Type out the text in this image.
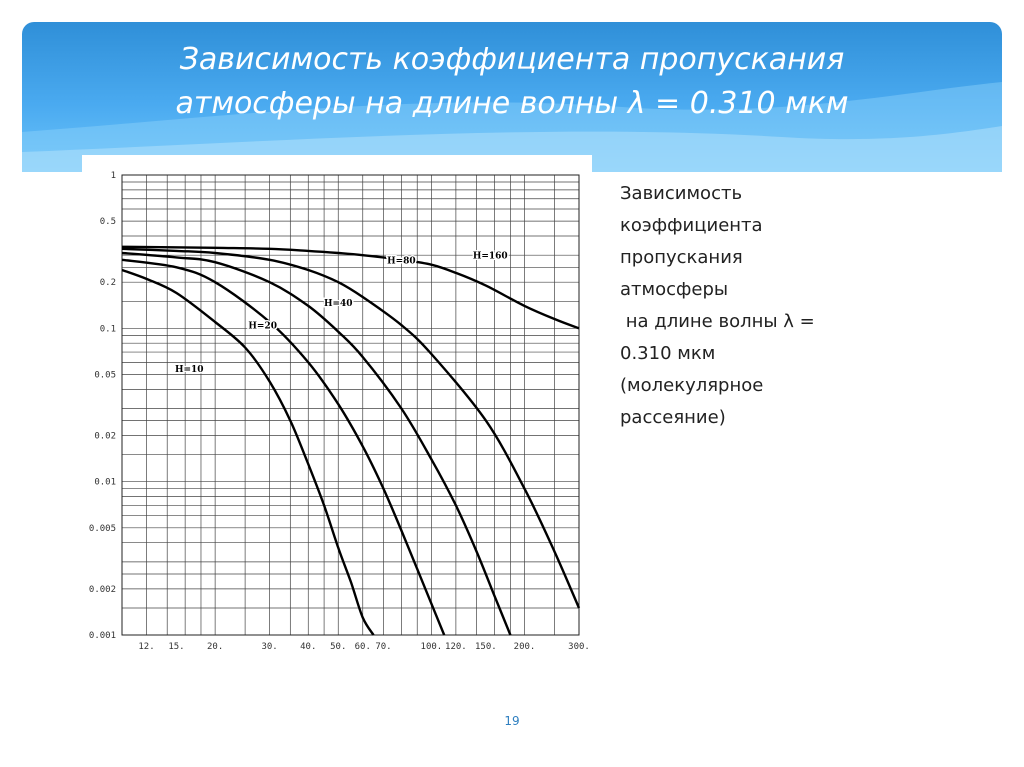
Зависимость коэффициента пропускания
атмосферы на длине волны λ = 0.310 мкм
12. 15. 20.	30. 40. 50. 60. 70.	100. 120. 150. 200.	300.
1
0.5
0.2
0.1
0.05
0.02
0.01
0.005
0.002
0.001
H=10
H=20
H=40
H=80	H=160
Зависимость
коэффициента
пропускания
атмосферы
на длине волны λ =
0.310 мкм
(молекулярное
рассеяние)
19
